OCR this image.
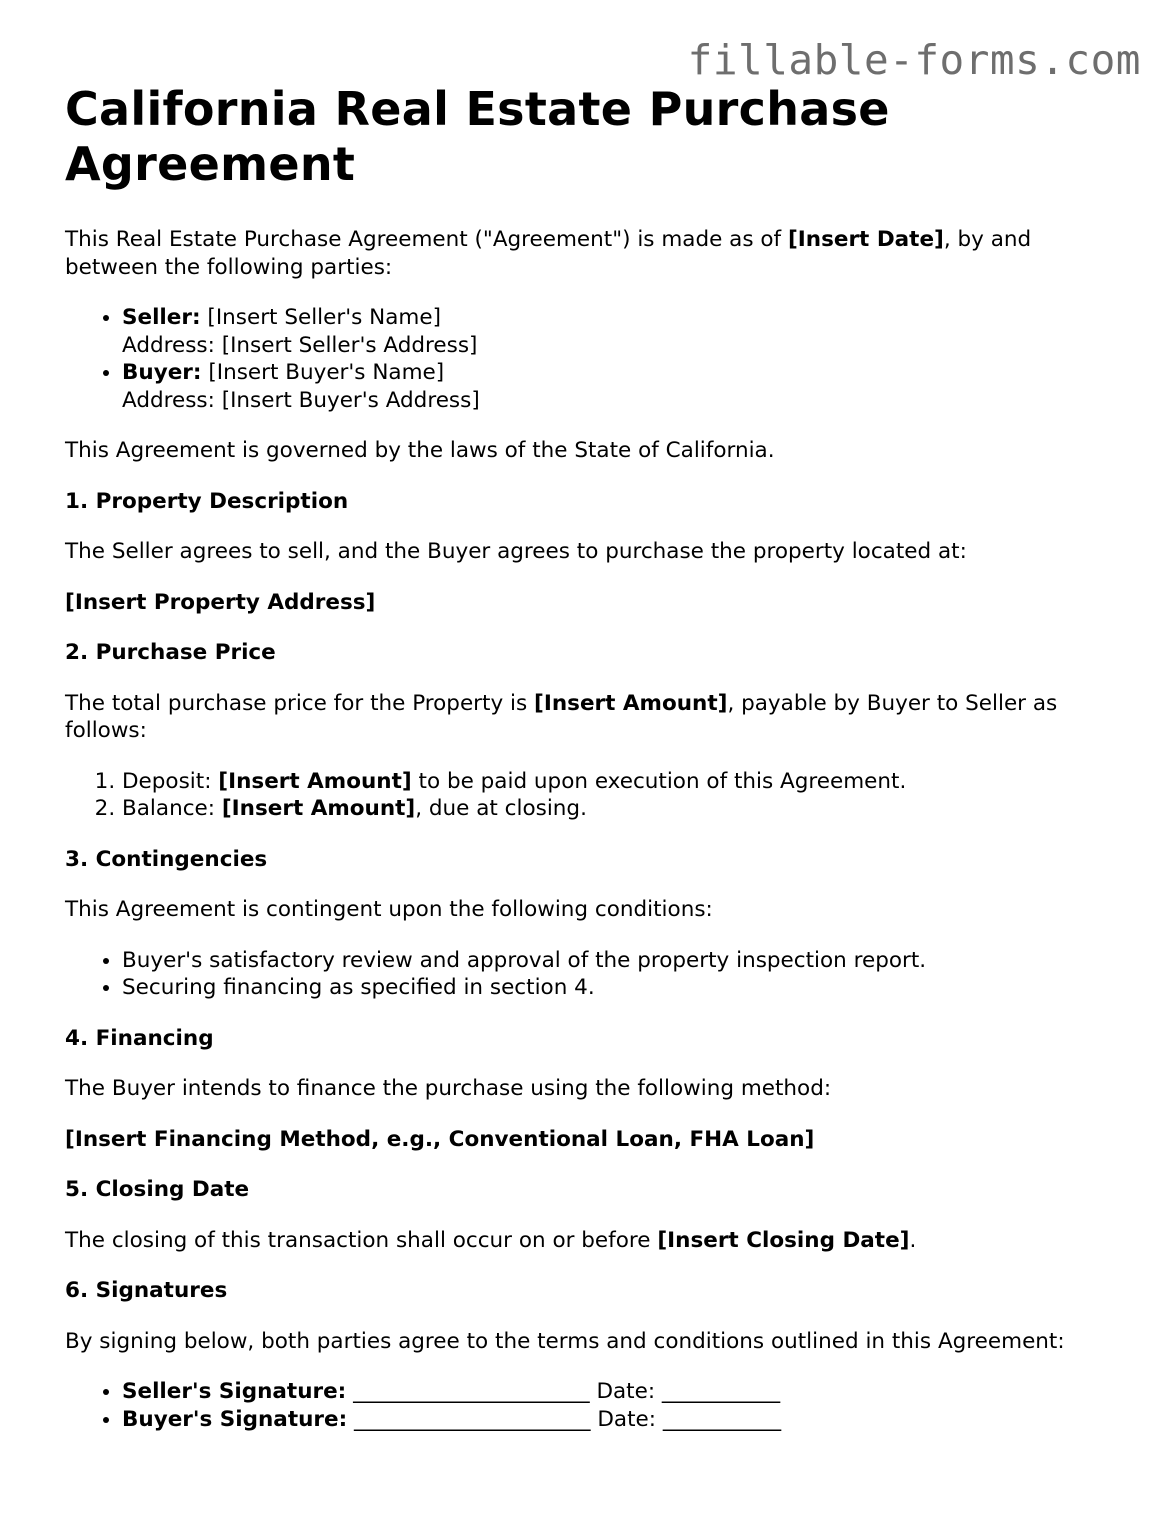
fillable-forms.com
California Real Estate Purchase Agreement

This Real Estate Purchase Agreement ("Agreement") is made as of [Insert Date], by and between the following parties:

• Seller: [Insert Seller's Name]
Address: [Insert Seller's Address]
• Buyer: [Insert Buyer's Name]
Address: [Insert Buyer's Address]

This Agreement is governed by the laws of the State of California.

1. Property Description

The Seller agrees to sell, and the Buyer agrees to purchase the property located at:

[Insert Property Address]

2. Purchase Price

The total purchase price for the Property is [Insert Amount], payable by Buyer to Seller as follows:

1. Deposit: [Insert Amount] to be paid upon execution of this Agreement.
2. Balance: [Insert Amount], due at closing.
3. Contingencies

This Agreement is contingent upon the following conditions:

• Buyer's satisfactory review and approval of the property inspection report.
• Securing financing as specified in section 4.
4. Financing

The Buyer intends to finance the purchase using the following method:

[Insert Financing Method, e.g., Conventional Loan, FHA Loan]

5. Closing Date

The closing of this transaction shall occur on or before [Insert Closing Date].

6. Signatures

By signing below, both parties agree to the terms and conditions outlined in this Agreement:

• Seller's Signature: ______________________ Date: ___________
• Buyer's Signature: ______________________ Date: ___________
